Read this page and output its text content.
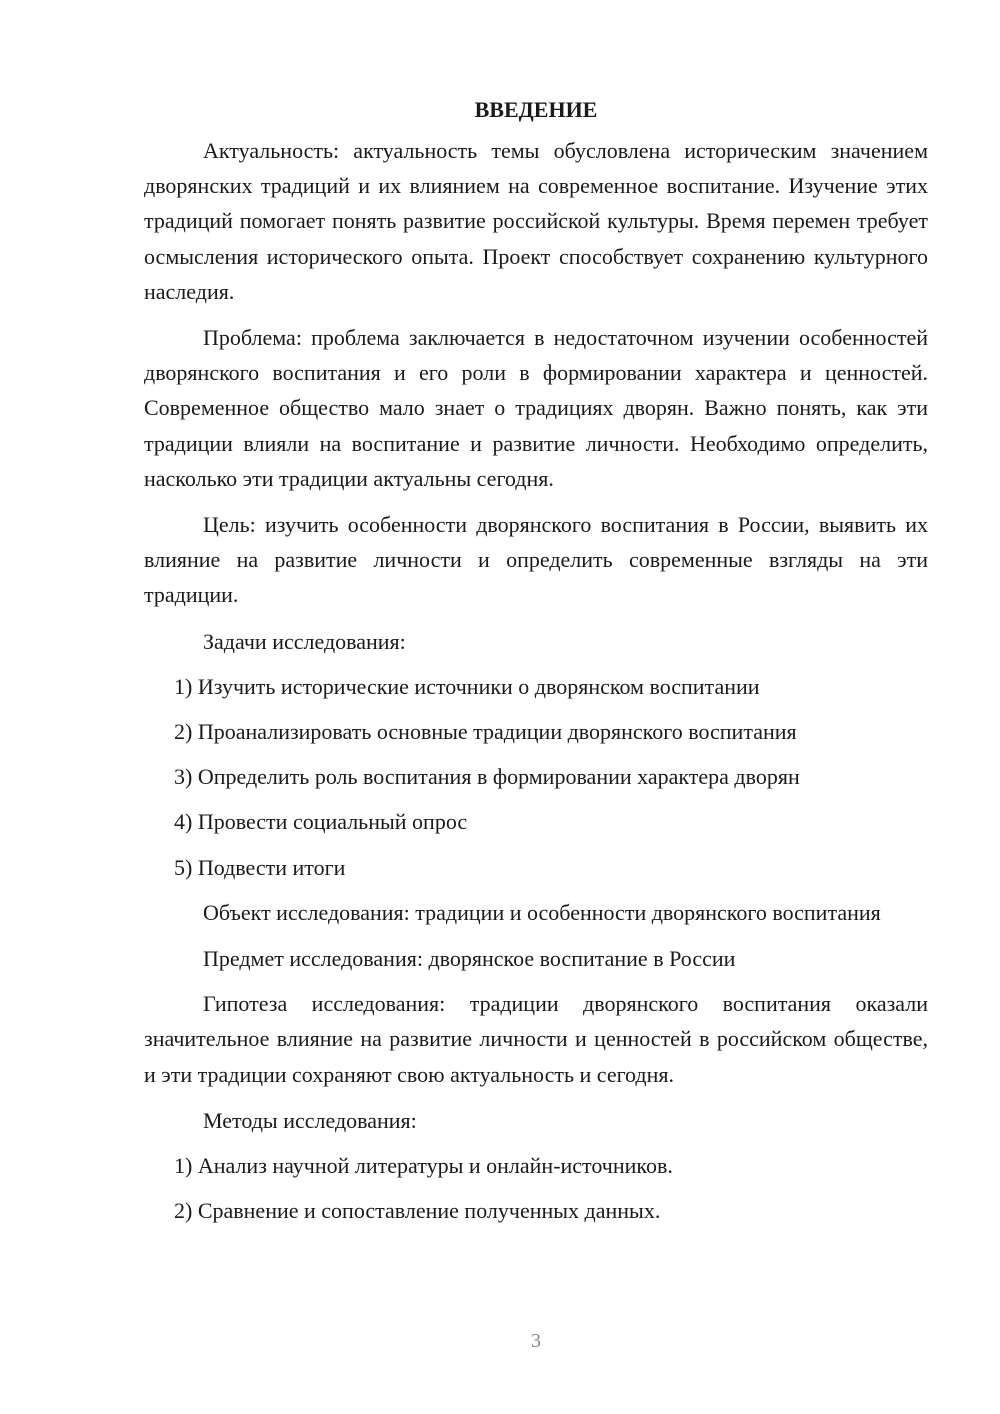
ВВЕДЕНИЕ

Актуальность: актуальность темы обусловлена историческим значением дворянских традиций и их влиянием на современное воспитание. Изучение этих традиций помогает понять развитие российской культуры. Время перемен требует осмысления исторического опыта. Проект способствует сохранению культурного наследия.

Проблема: проблема заключается в недостаточном изучении особенностей дворянского воспитания и его роли в формировании характера и ценностей. Современное общество мало знает о традициях дворян. Важно понять, как эти традиции влияли на воспитание и развитие личности. Необходимо определить, насколько эти традиции актуальны сегодня.

Цель: изучить особенности дворянского воспитания в России, выявить их влияние на развитие личности и определить современные взгляды на эти традиции.

Задачи исследования:

1) Изучить исторические источники о дворянском воспитании
2) Проанализировать основные традиции дворянского воспитания
3) Определить роль воспитания в формировании характера дворян
4) Провести социальный опрос
5) Подвести итоги

Объект исследования: традиции и особенности дворянского воспитания

Предмет исследования: дворянское воспитание в России

Гипотеза исследования: традиции дворянского воспитания оказали значительное влияние на развитие личности и ценностей в российском обществе, и эти традиции сохраняют свою актуальность и сегодня.

Методы исследования:

1) Анализ научной литературы и онлайн-источников.
2) Сравнение и сопоставление полученных данных.
3
